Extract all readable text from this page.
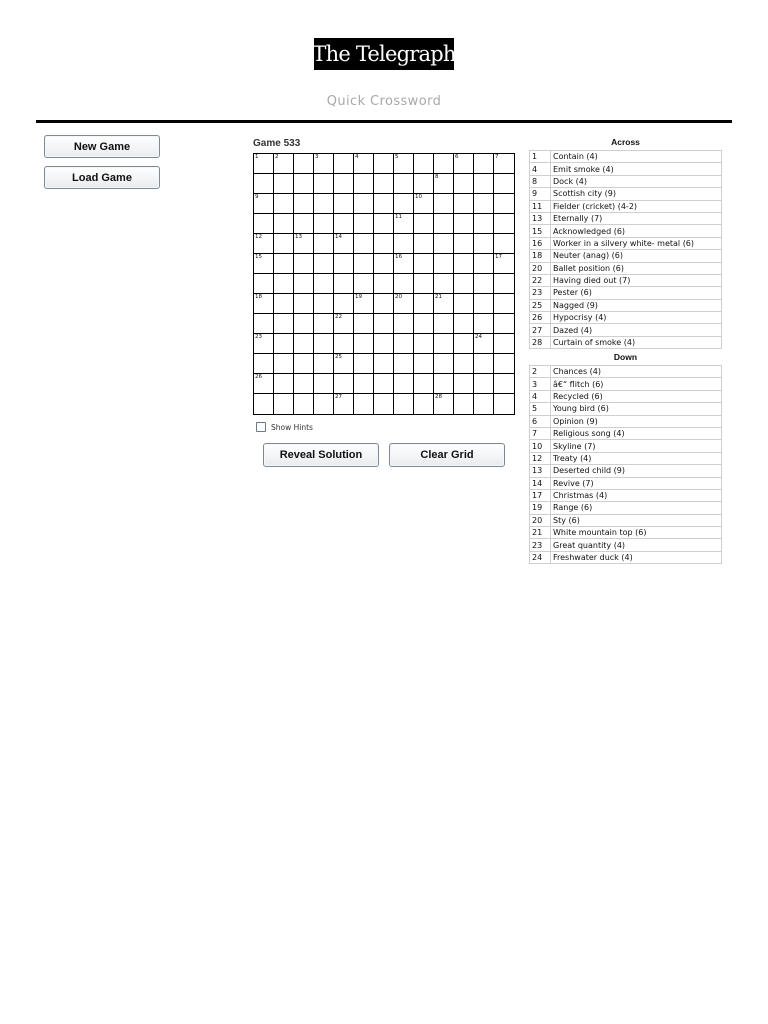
The Telegraph
Quick Crossword
New Game
Load Game
Game 533
1	2	3	4	5	6	7
8
9	10
11
12	13	14
15	16	17
18	19	20	21
22
23	24
25
26
27	28
Show Hints
Reveal Solution	Clear Grid
Across
1	Contain (4)
4	Emit smoke (4)
8	Dock (4)
9	Scottish city (9)
11	Fielder (cricket) (4-2)
13	Eternally (7)
15	Acknowledged (6)
16	Worker in a silvery white- metal (6)
18	Neuter (anag) (6)
20	Ballet position (6)
22	Having died out (7)
23	Pester (6)
25	Nagged (9)
26	Hypocrisy (4)
27	Dazed (4)
28	Curtain of smoke (4)
Down
2	Chances (4)
3	â€“ flitch (6)
4	Recycled (6)
5	Young bird (6)
6	Opinion (9)
7	Religious song (4)
10	Skyline (7)
12	Treaty (4)
13	Deserted child (9)
14	Revive (7)
17	Christmas (4)
19	Range (6)
20	Sty (6)
21	White mountain top (6)
23	Great quantity (4)
24	Freshwater duck (4)
